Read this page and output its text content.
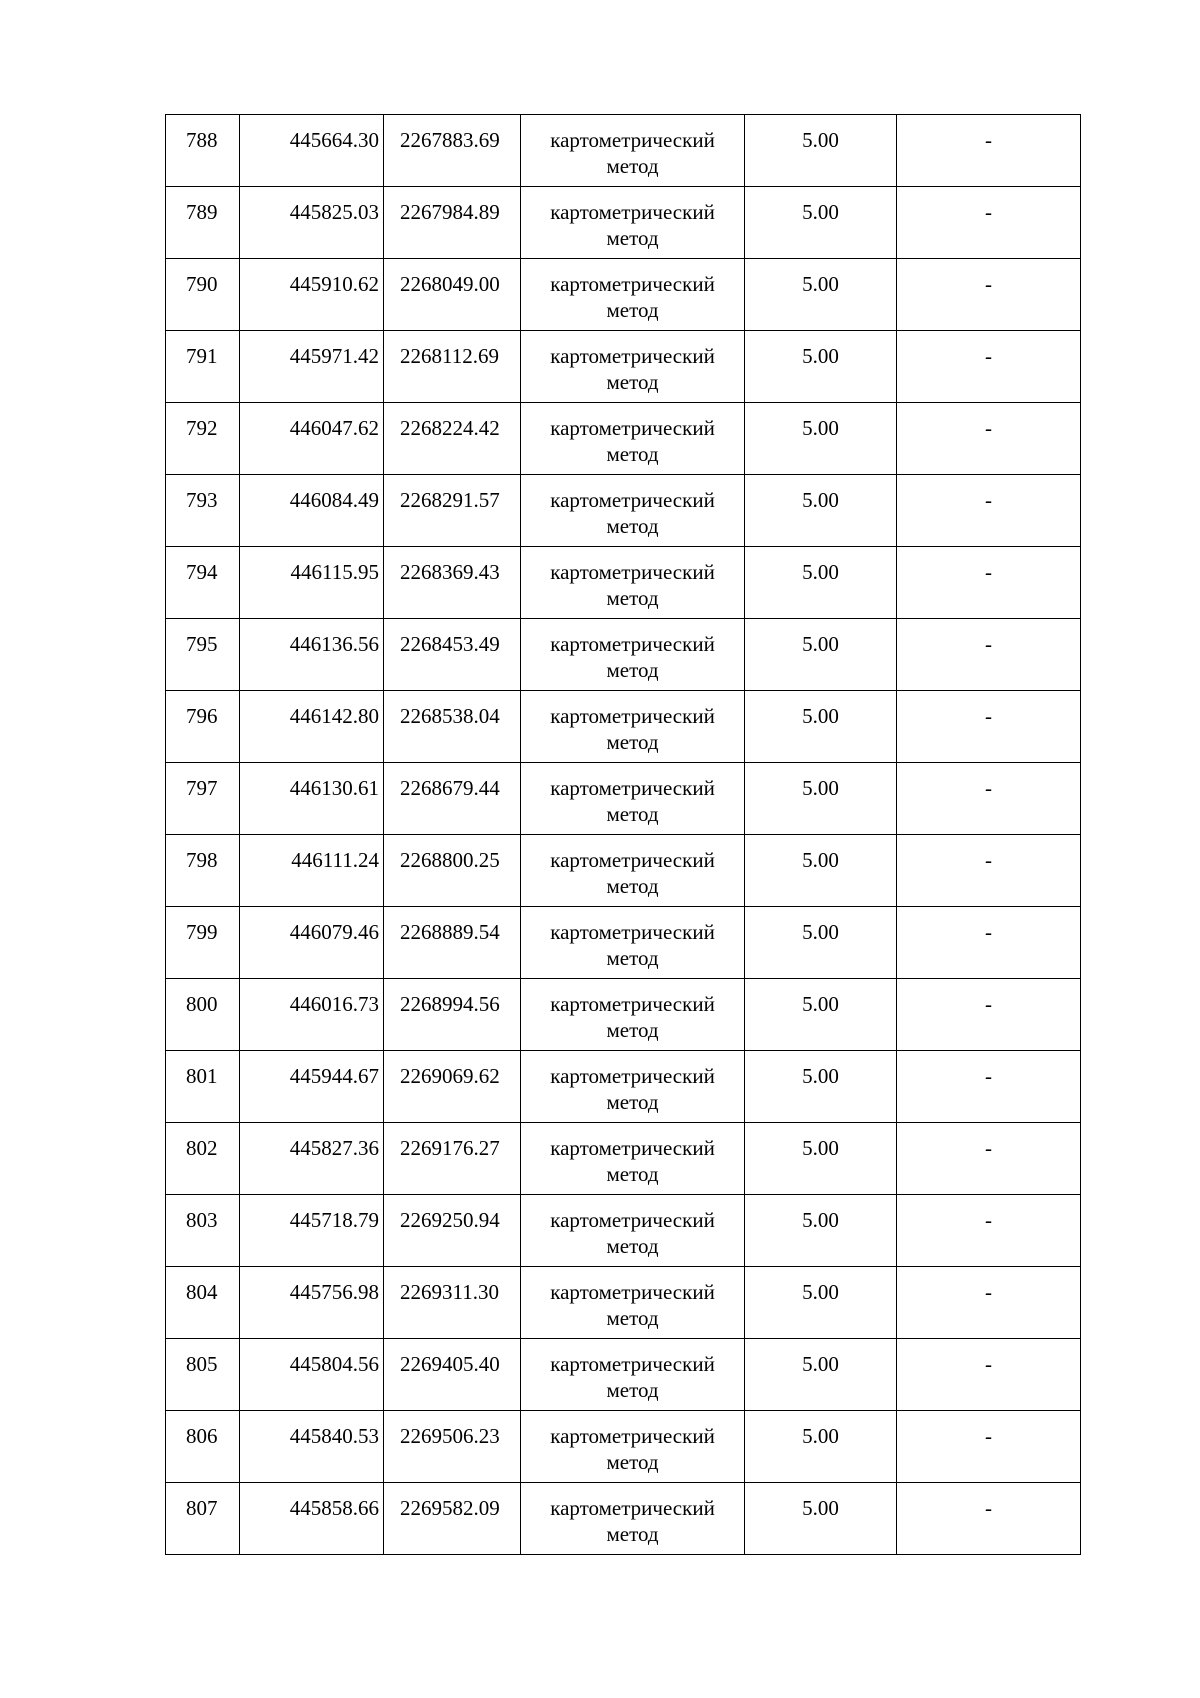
788	445664.30	2267883.69	картометрический
метод	5.00	-

789	445825.03	2267984.89	картометрический
метод	5.00	-

790	445910.62	2268049.00	картометрический
метод	5.00	-

791	445971.42	2268112.69	картометрический
метод	5.00	-

792	446047.62	2268224.42	картометрический
метод	5.00	-

793	446084.49	2268291.57	картометрический
метод	5.00	-

794	446115.95	2268369.43	картометрический
метод	5.00	-

795	446136.56	2268453.49	картометрический
метод	5.00	-

796	446142.80	2268538.04	картометрический
метод	5.00	-

797	446130.61	2268679.44	картометрический
метод	5.00	-

798	446111.24	2268800.25	картометрический
метод	5.00	-

799	446079.46	2268889.54	картометрический
метод	5.00	-

800	446016.73	2268994.56	картометрический
метод	5.00	-

801	445944.67	2269069.62	картометрический
метод	5.00	-

802	445827.36	2269176.27	картометрический
метод	5.00	-

803	445718.79	2269250.94	картометрический
метод	5.00	-

804	445756.98	2269311.30	картометрический
метод	5.00	-

805	445804.56	2269405.40	картометрический
метод	5.00	-

806	445840.53	2269506.23	картометрический
метод	5.00	-

807	445858.66	2269582.09	картометрический
метод	5.00	-
